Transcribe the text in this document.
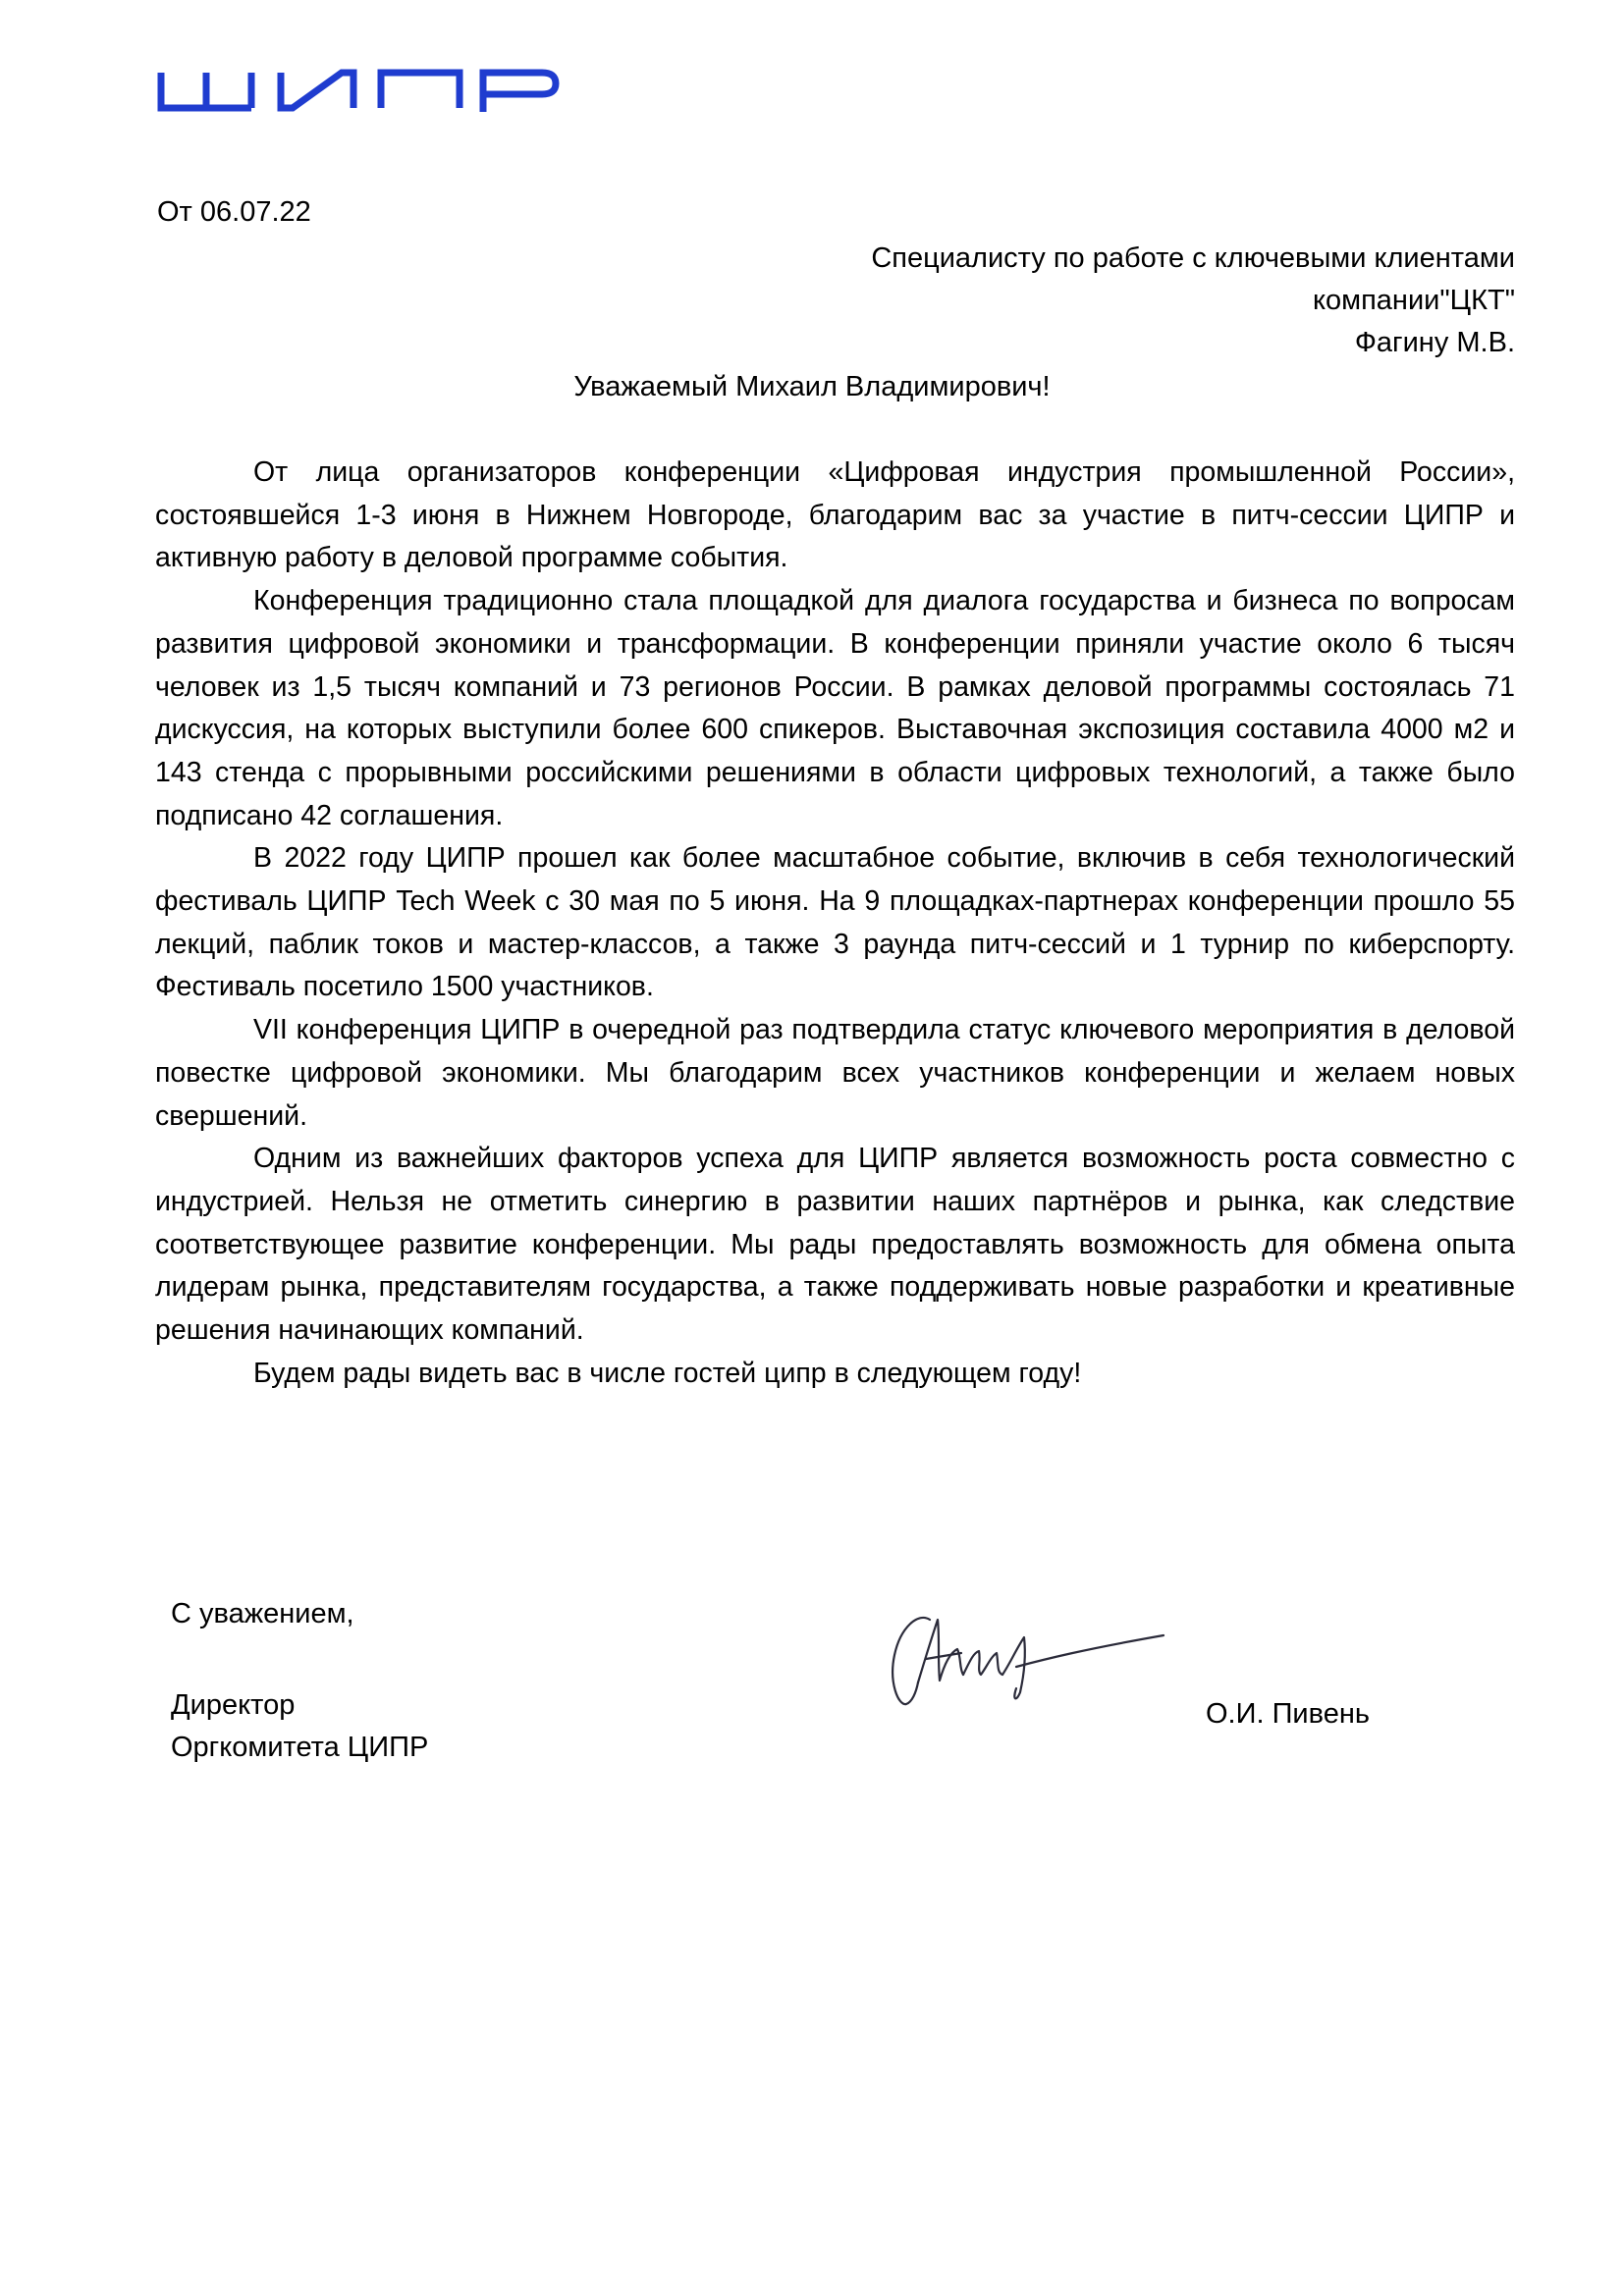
От 06.07.22
Специалисту по работе с ключевыми клиентами
компании"ЦКТ"
Фагину М.В.
Уважаемый Михаил Владимирович!

От лица организаторов конференции «Цифровая индустрия промышленной России», состоявшейся 1-3 июня в Нижнем Новгороде, благодарим вас за участие в питч-сессии ЦИПР и активную работу в деловой программе события.

Конференция традиционно стала площадкой для диалога государства и бизнеса по вопросам развития цифровой экономики и трансформации. В конференции приняли участие около 6 тысяч человек из 1,5 тысяч компаний и 73 регионов России. В рамках деловой программы состоялась 71 дискуссия, на которых выступили более 600 спикеров. Выставочная экспозиция составила 4000 м2 и 143 стенда с прорывными российскими решениями в области цифровых технологий, а также было подписано 42 соглашения.

В 2022 году ЦИПР прошел как более масштабное событие, включив в себя технологический фестиваль ЦИПР Tech Week с 30 мая по 5 июня. На 9 площадках-партнерах конференции прошло 55 лекций, паблик токов и мастер-классов, а также 3 раунда питч-сессий и 1 турнир по киберспорту. Фестиваль посетило 1500 участников.

VII конференция ЦИПР в очередной раз подтвердила статус ключевого мероприятия в деловой повестке цифровой экономики. Мы благодарим всех участников конференции и желаем новых свершений.

Одним из важнейших факторов успеха для ЦИПР является возможность роста совместно с индустрией. Нельзя не отметить синергию в развитии наших партнёров и рынка, как следствие соответствующее развитие конференции. Мы рады предоставлять возможность для обмена опыта лидерам рынка, представителям государства, а также поддерживать новые разработки и креативные решения начинающих компаний.

Будем рады видеть вас в числе гостей ципр в следующем году!

С уважением,
Директор
Оргкомитета ЦИПР
О.И. Пивень
